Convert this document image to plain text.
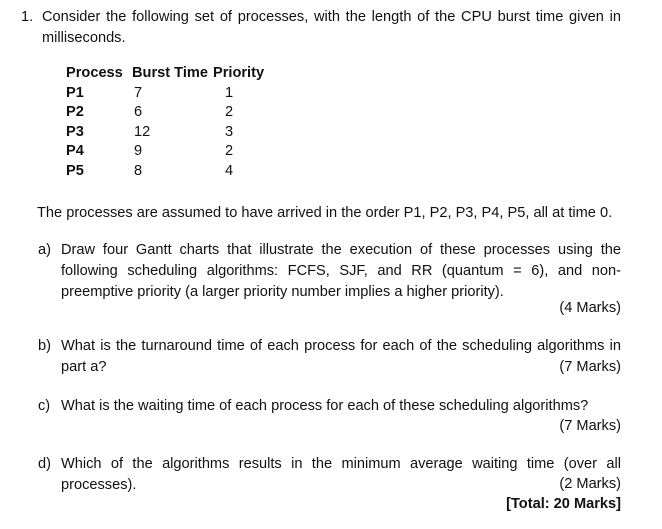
1. Consider the following set of processes, with the length of the CPU burst time given in milliseconds.
Process	Burst Time	Priority
P1	7	1
P2	6	2
P3	12	3
P4	9	2
P5	8	4
The processes are assumed to have arrived in the order P1, P2, P3, P4, P5, all at time 0.
a) Draw four Gantt charts that illustrate the execution of these processes using the following scheduling algorithms: FCFS, SJF, and RR (quantum = 6), and non-preemptive priority (a larger priority number implies a higher priority).
(4 Marks)
b) What is the turnaround time of each process for each of the scheduling algorithms in part a?	(7 Marks)
c) What is the waiting time of each process for each of these scheduling algorithms?
(7 Marks)
d) Which of the algorithms results in the minimum average waiting time (over all processes).	(2 Marks)
[Total: 20 Marks]
